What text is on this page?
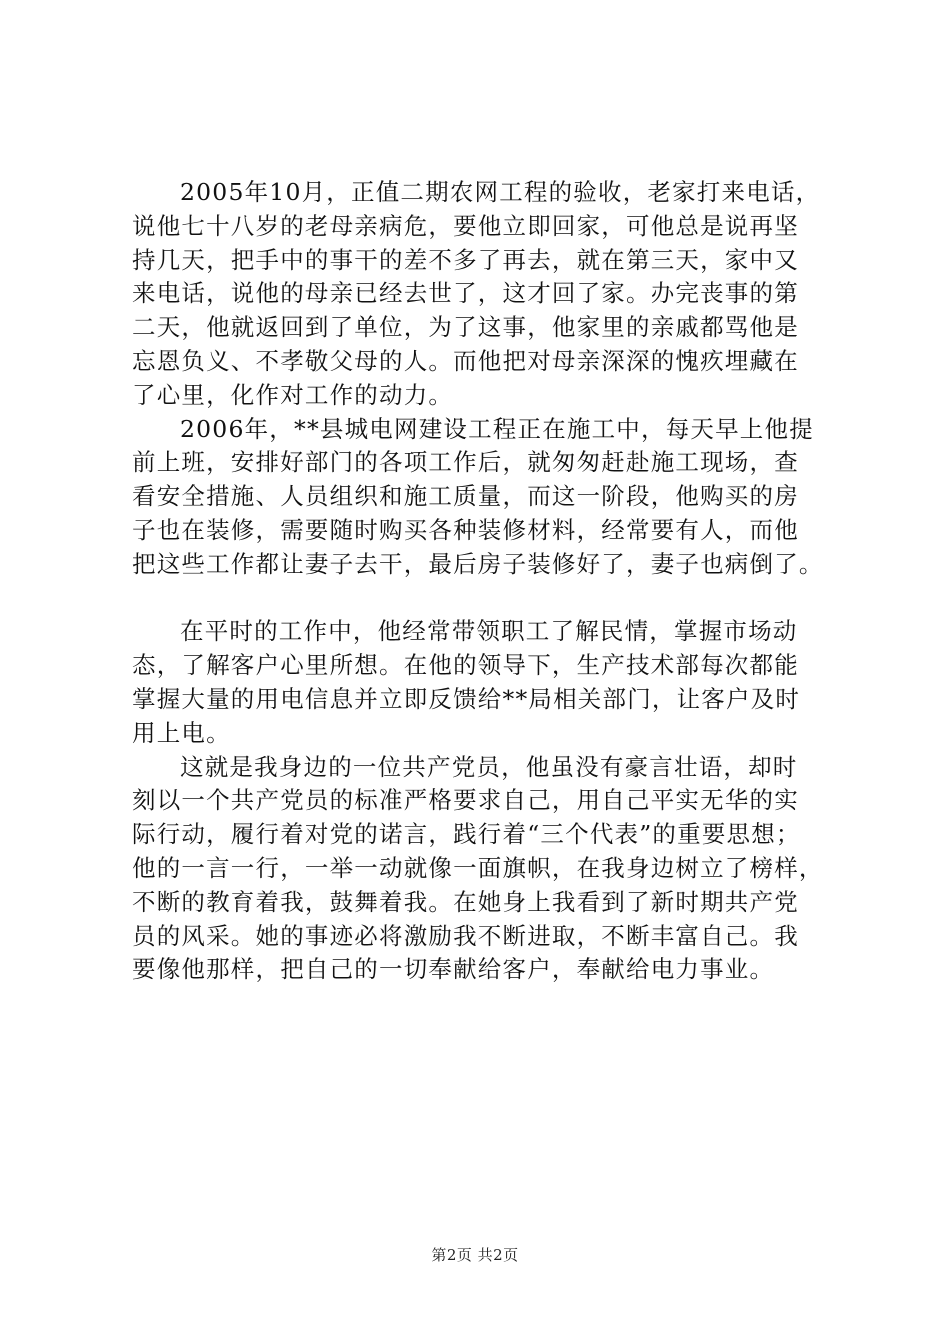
2005年10月，正值二期农网工程的验收，老家打来电话，
说他七十八岁的老母亲病危，要他立即回家，可他总是说再坚
持几天，把手中的事干的差不多了再去，就在第三天，家中又
来电话，说他的母亲已经去世了，这才回了家。办完丧事的第
二天，他就返回到了单位，为了这事，他家里的亲戚都骂他是
忘恩负义、不孝敬父母的人。而他把对母亲深深的愧疚埋藏在
了心里，化作对工作的动力。
2006年，**县城电网建设工程正在施工中，每天早上他提
前上班，安排好部门的各项工作后，就匆匆赶赴施工现场，查
看安全措施、人员组织和施工质量，而这一阶段，他购买的房
子也在装修，需要随时购买各种装修材料，经常要有人，而他
把这些工作都让妻子去干，最后房子装修好了，妻子也病倒了。
在平时的工作中，他经常带领职工了解民情，掌握市场动
态，了解客户心里所想。在他的领导下，生产技术部每次都能
掌握大量的用电信息并立即反馈给**局相关部门，让客户及时
用上电。
这就是我身边的一位共产党员，他虽没有豪言壮语，却时
刻以一个共产党员的标准严格要求自己，用自己平实无华的实
际行动，履行着对党的诺言，践行着“三个代表”的重要思想；
他的一言一行，一举一动就像一面旗帜，在我身边树立了榜样，
不断的教育着我，鼓舞着我。在她身上我看到了新时期共产党
员的风采。她的事迹必将激励我不断进取，不断丰富自己。我
要像他那样，把自己的一切奉献给客户，奉献给电力事业。
第2页 共2页
